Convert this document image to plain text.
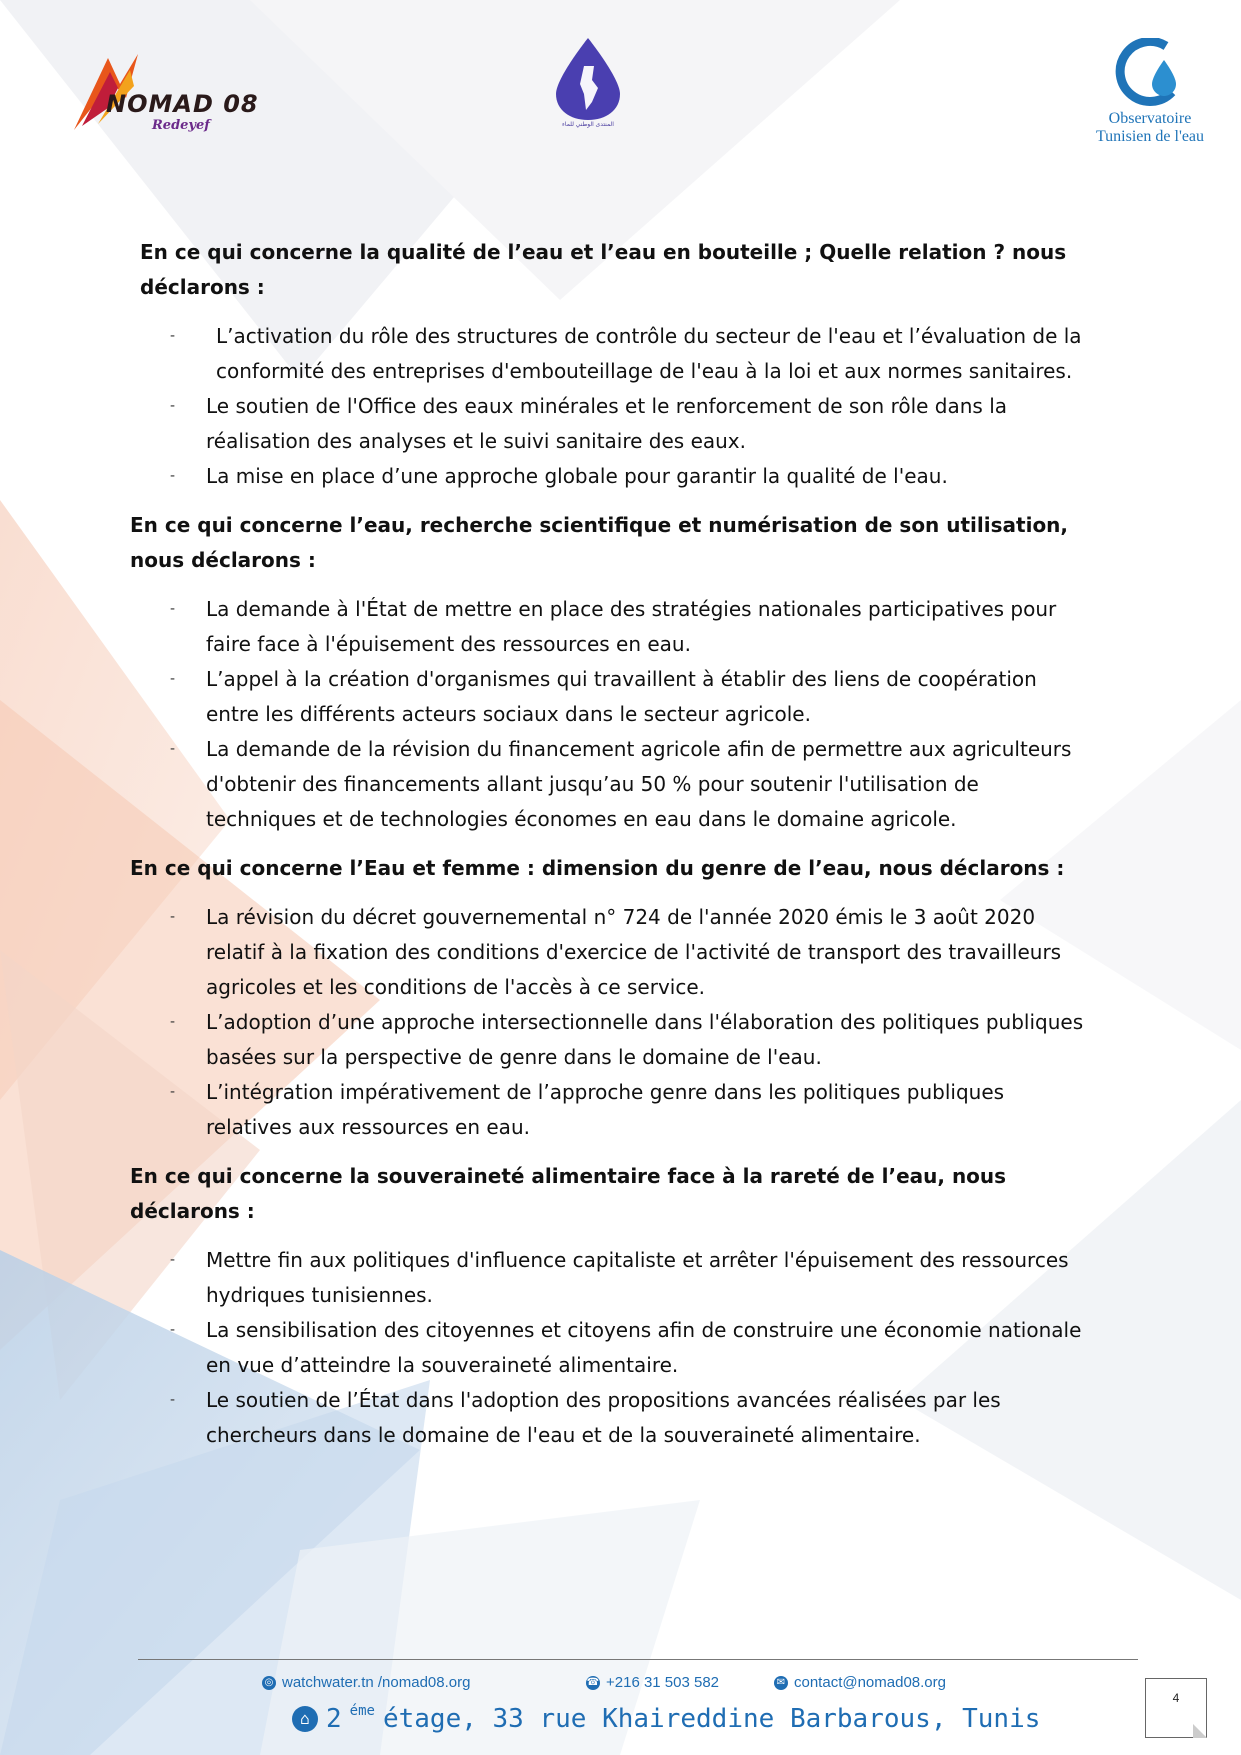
NOMAD 08
Redeyef	المنتدى الوطني للماء	Observatoire
Tunisien de l'eau

En ce qui concerne la qualité de l’eau et l’eau en bouteille ; Quelle relation ? nous déclarons :

- L’activation du rôle des structures de contrôle du secteur de l'eau et l’évaluation de la conformité des entreprises d'embouteillage de l'eau à la loi et aux normes sanitaires.
- Le soutien de l'Office des eaux minérales et le renforcement de son rôle dans la réalisation des analyses et le suivi sanitaire des eaux.
- La mise en place d’une approche globale pour garantir la qualité de l'eau.

En ce qui concerne l’eau, recherche scientifique et numérisation de son utilisation, nous déclarons :

- La demande à l'État de mettre en place des stratégies nationales participatives pour faire face à l'épuisement des ressources en eau.
- L’appel à la création d'organismes qui travaillent à établir des liens de coopération entre les différents acteurs sociaux dans le secteur agricole.
- La demande de la révision du financement agricole afin de permettre aux agriculteurs d'obtenir des financements allant jusqu’au 50 % pour soutenir l'utilisation de techniques et de technologies économes en eau dans le domaine agricole.

En ce qui concerne l’Eau et femme : dimension du genre de l’eau, nous déclarons :

- La révision du décret gouvernemental n° 724 de l'année 2020 émis le 3 août 2020 relatif à la fixation des conditions d'exercice de l'activité de transport des travailleurs agricoles et les conditions de l'accès à ce service.
- L’adoption d’une approche intersectionnelle dans l'élaboration des politiques publiques basées sur la perspective de genre dans le domaine de l'eau.
- L’intégration impérativement de l’approche genre dans les politiques publiques relatives aux ressources en eau.

En ce qui concerne la souveraineté alimentaire face à la rareté de l’eau, nous déclarons :

- Mettre fin aux politiques d'influence capitaliste et arrêter l'épuisement des ressources hydriques tunisiennes.
- La sensibilisation des citoyennes et citoyens afin de construire une économie nationale en vue d’atteindre la souveraineté alimentaire.
- Le soutien de l’État dans l'adoption des propositions avancées réalisées par les chercheurs dans le domaine de l'eau et de la souveraineté alimentaire.
◎ watchwater.tn /nomad08.org	☎ +216 31 503 582	✉ contact@nomad08.org
⌂ 2 éme étage, 33 rue Khaireddine Barbarous, Tunis
4
